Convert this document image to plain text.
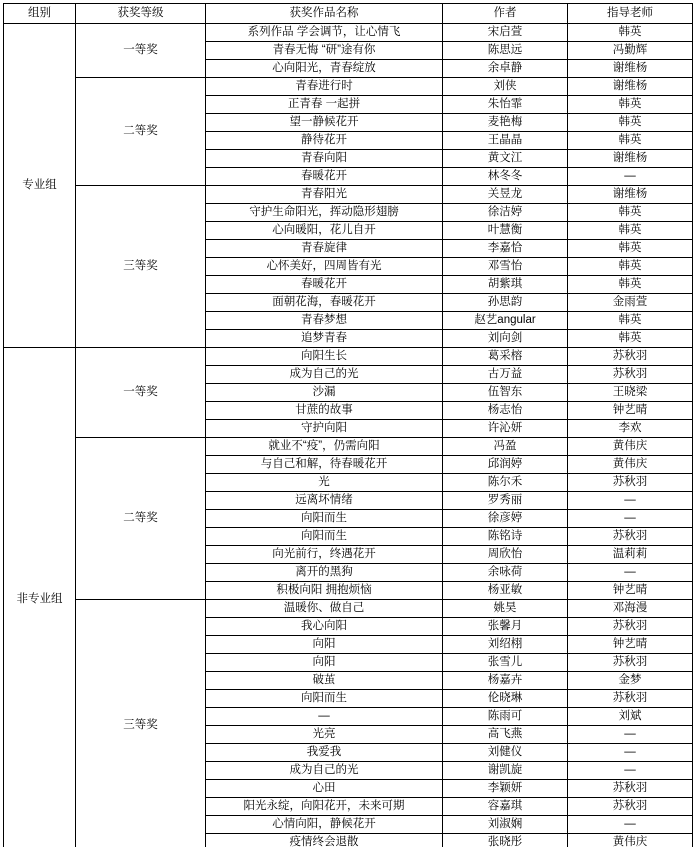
组别	获奖等级	获奖作品名称	作者	指导老师
专业组	一等奖	系列作品 学会调节，让心情飞	宋启萱	韩英
		青春无悔 “研”途有你	陈思远	冯勤辉
		心向阳光，青春绽放	余卓静	谢维杨
	二等奖	青春进行时	刘侠	谢维杨
		正青春 一起拼	朱怡霏	韩英
		望一静候花开	麦艳梅	韩英
		静待花开	王晶晶	韩英
		青春向阳	黄文江	谢维杨
		春暖花开	林冬冬	—
	三等奖	青春阳光	关昱龙	谢维杨
		守护生命阳光，挥动隐形翅膀	徐洁婷	韩英
		心向暖阳，花儿自开	叶慧衡	韩英
		青春旋律	李嘉恰	韩英
		心怀美好，四周皆有光	邓雪怡	韩英
		春暖花开	胡紫琪	韩英
		面朝花海，春暖花开	孙思韵	金雨萱
		青春梦想	赵艺angular	韩英
		追梦青春	刘向剑	韩英
非专业组	一等奖	向阳生长	葛采榕	苏秋羽
		成为自己的光	古万益	苏秋羽
		沙漏	伍智东	王晓梁
		甘蔗的故事	杨志怡	钟艺晴
		守护向阳	许沁妍	李欢
	二等奖	就业不“疫”，仍需向阳	冯盈	黄伟庆
		与自己和解，待春暖花开	邱润婷	黄伟庆
		光	陈尔禾	苏秋羽
		远离坏情绪	罗秀丽	—
		向阳而生	徐彦婷	—
		向阳而生	陈铭诗	苏秋羽
		向光前行，终遇花开	周欣怡	温莉莉
		离开的黑狗	余咏荷	—
		积极向阳 拥抱烦恼	杨亚敏	钟艺晴
	三等奖	温暖你、做自己	姚昊	邓海漫
		我心向阳	张馨月	苏秋羽
		向阳	刘绍栩	钟艺晴
		向阳	张雪儿	苏秋羽
		破茧	杨嘉卉	金梦
		向阳而生	伦晓琳	苏秋羽
		—	陈雨可	刘斌
		光亮	高飞燕	—
		我爱我	刘健仪	—
		成为自己的光	谢凯旋	—
		心田	李颖妍	苏秋羽
		阳光永绽，向阳花开，未来可期	容嘉琪	苏秋羽
		心情向阳，静候花开	刘淑娴	—
		疫情终会退散	张晓彤	黄伟庆
